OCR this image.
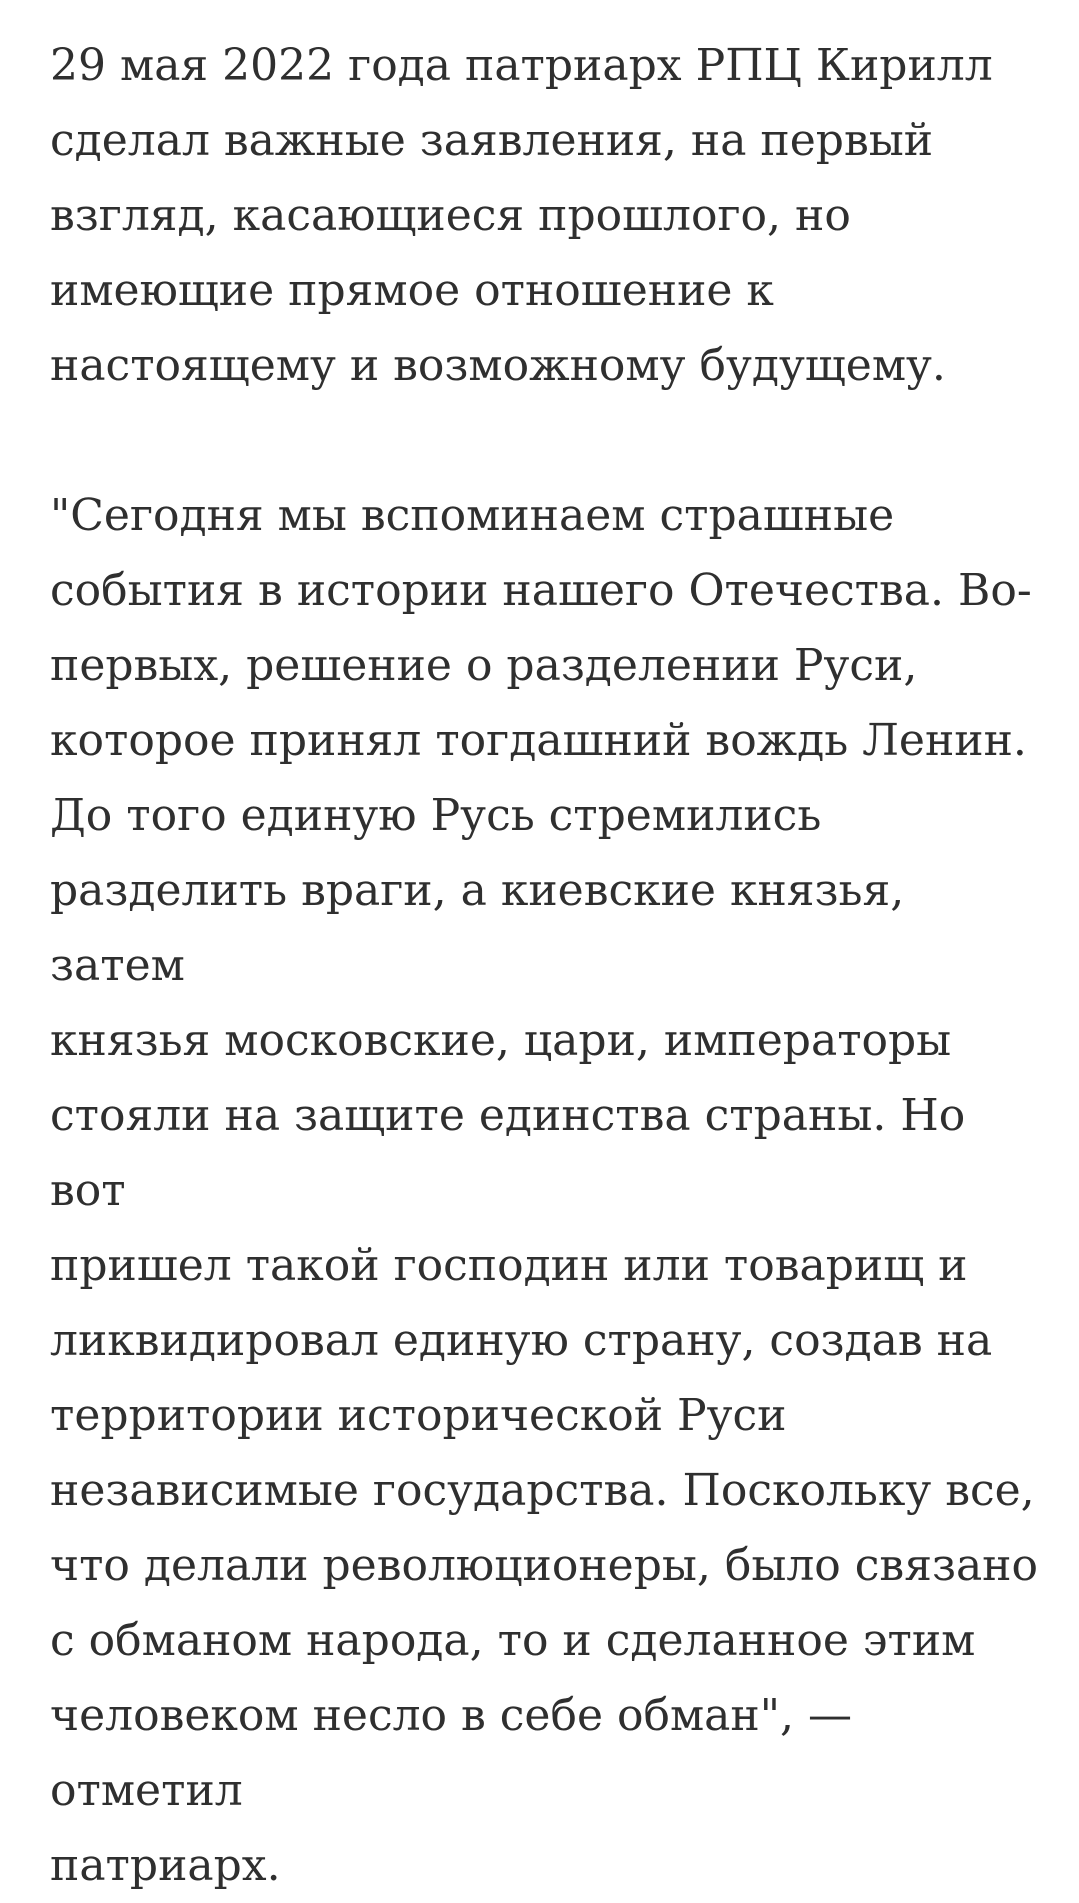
29 мая 2022 года патриарх РПЦ Кирилл
сделал важные заявления, на первый
взгляд, касающиеся прошлого, но
имеющие прямое отношение к
настоящему и возможному будущему.

"Сегодня мы вспоминаем страшные
события в истории нашего Отечества. Во-
первых, решение о разделении Руси,
которое принял тогдашний вождь Ленин.
До того единую Русь стремились
разделить враги, а киевские князья, затем
князья московские, цари, императоры
стояли на защите единства страны. Но вот
пришел такой господин или товарищ и
ликвидировал единую страну, создав на
территории исторической Руси
независимые государства. Поскольку все,
что делали революционеры, было связано
с обманом народа, то и сделанное этим
человеком несло в себе обман", — отметил
патриарх.
